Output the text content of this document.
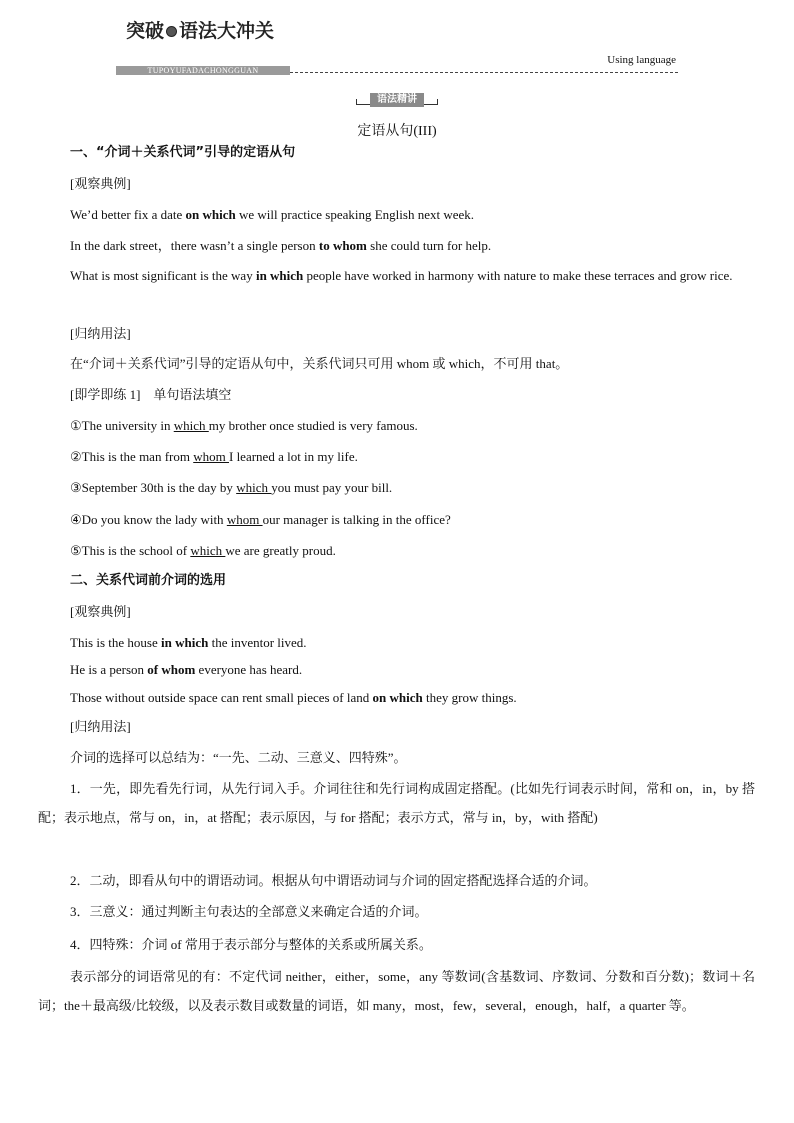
突破 语法大冲关
TUPOYUFADACHONGGUAN
Using language
语法精讲
定语从句(III)
一、“介词＋关系代词”引导的定语从句
[观察典例]
We’d better fix a date on which we will practice speaking English next week.
In the dark street，there wasn’t a single person to whom she could turn for help.
What is most significant is the way in which people have worked in harmony with nature to make these terraces and grow rice.
[归纳用法]
在“介词＋关系代词”引导的定语从句中，关系代词只可用 whom 或 which，不可用 that。
[即学即练 1]　单句语法填空
①The university in which my brother once studied is very famous.
②This is the man from whom I learned a lot in my life.
③September 30th is the day by which you must pay your bill.
④Do you know the lady with whom our manager is talking in the office?
⑤This is the school of which we are greatly proud.
二、关系代词前介词的选用
[观察典例]
This is the house in which the inventor lived.
He is a person of whom everyone has heard.
Those without outside space can rent small pieces of land on which they grow things.
[归纳用法]
介词的选择可以总结为：“一先、二动、三意义、四特殊”。
1．一先，即先看先行词，从先行词入手。介词往往和先行词构成固定搭配。(比如先行词表示时间，常和 on，in，by 搭配；表示地点，常与 on，in，at 搭配；表示原因，与 for 搭配；表示方式，常与 in，by，with 搭配)
2．二动，即看从句中的谓语动词。根据从句中谓语动词与介词的固定搭配选择合适的介词。
3．三意义：通过判断主句表达的全部意义来确定合适的介词。
4．四特殊：介词 of 常用于表示部分与整体的关系或所属关系。
表示部分的词语常见的有：不定代词 neither，either，some，any 等数词(含基数词、序数词、分数和百分数)；数词＋名词；the＋最高级/比较级，以及表示数目或数量的词语，如 many，most，few，several，enough，half，a quarter 等。
